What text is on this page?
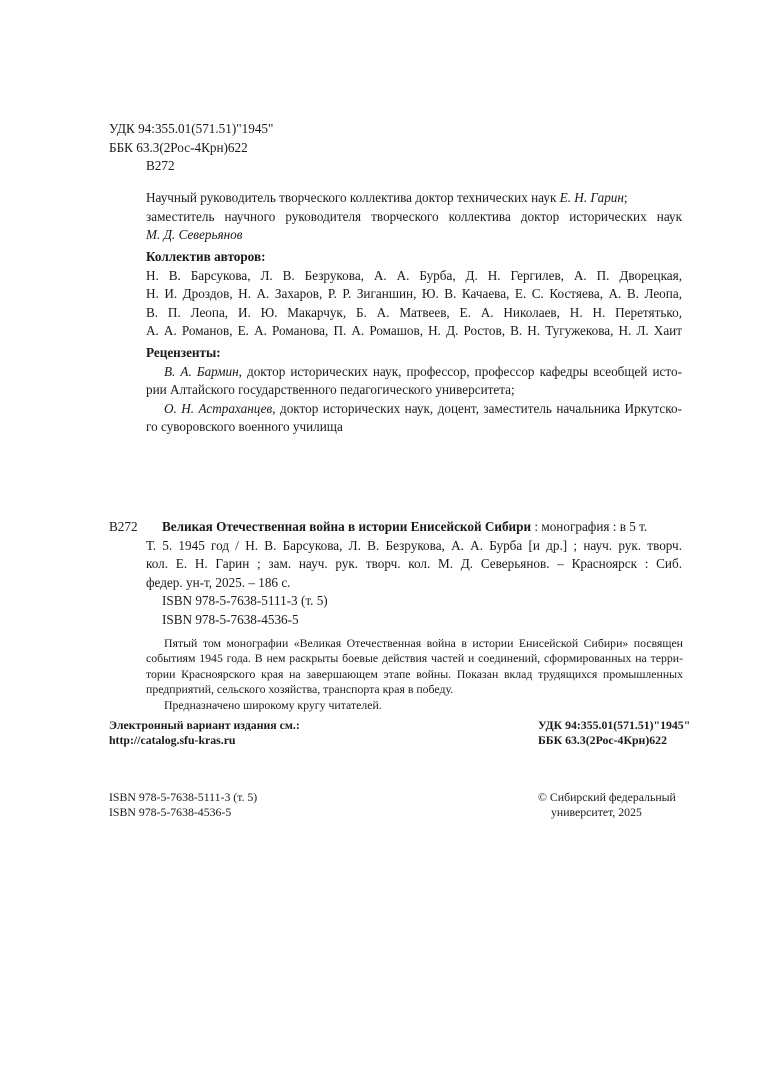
УДК 94:355.01(571.51)"1945"
ББК 63.3(2Рос-4Крн)622
В272
Научный руководитель творческого коллектива доктор технических наук Е. Н. Гарин;
заместитель научного руководителя творческого коллектива доктор исторических наук
М. Д. Северьянов
Коллектив авторов:
Н. В. Барсукова, Л. В. Безрукова, А. А. Бурба, Д. Н. Гергилев, А. П. Дворецкая,
Н. И. Дроздов, Н. А. Захаров, Р. Р. Зиганшин, Ю. В. Качаева, Е. С. Костяева, А. В. Леопа,
В. П. Леопа, И. Ю. Макарчук, Б. А. Матвеев, Е. А. Николаев, Н. Н. Перетятько,
А. А. Романов, Е. А. Романова, П. А. Ромашов, Н. Д. Ростов, В. Н. Тугужекова, Н. Л. Хаит
Рецензенты:
В. А. Бармин, доктор исторических наук, профессор, профессор кафедры всеобщей исто-
рии Алтайского государственного педагогического университета;
О. Н. Астраханцев, доктор исторических наук, доцент, заместитель начальника Иркутско-
го суворовского военного училища
В272 Великая Отечественная война в истории Енисейской Сибири : монография : в 5 т.
Т. 5. 1945 год / Н. В. Барсукова, Л. В. Безрукова, А. А. Бурба [и др.] ; науч. рук. творч.
кол. Е. Н. Гарин ; зам. науч. рук. творч. кол. М. Д. Северьянов. – Красноярск : Сиб.
федер. ун-т, 2025. – 186 с.
ISBN 978-5-7638-5111-3 (т. 5)
ISBN 978-5-7638-4536-5
Пятый том монографии «Великая Отечественная война в истории Енисейской Сибири» посвящен
событиям 1945 года. В нем раскрыты боевые действия частей и соединений, сформированных на терри-
тории Красноярского края на завершающем этапе войны. Показан вклад трудящихся промышленных
предприятий, сельского хозяйства, транспорта края в победу.
Предназначено широкому кругу читателей.
Электронный вариант издания см.:
http://catalog.sfu-kras.ru
УДК 94:355.01(571.51)"1945"
ББК 63.3(2Рос-4Крн)622
ISBN 978-5-7638-5111-3 (т. 5)
ISBN 978-5-7638-4536-5
© Сибирский федеральный
университет, 2025
